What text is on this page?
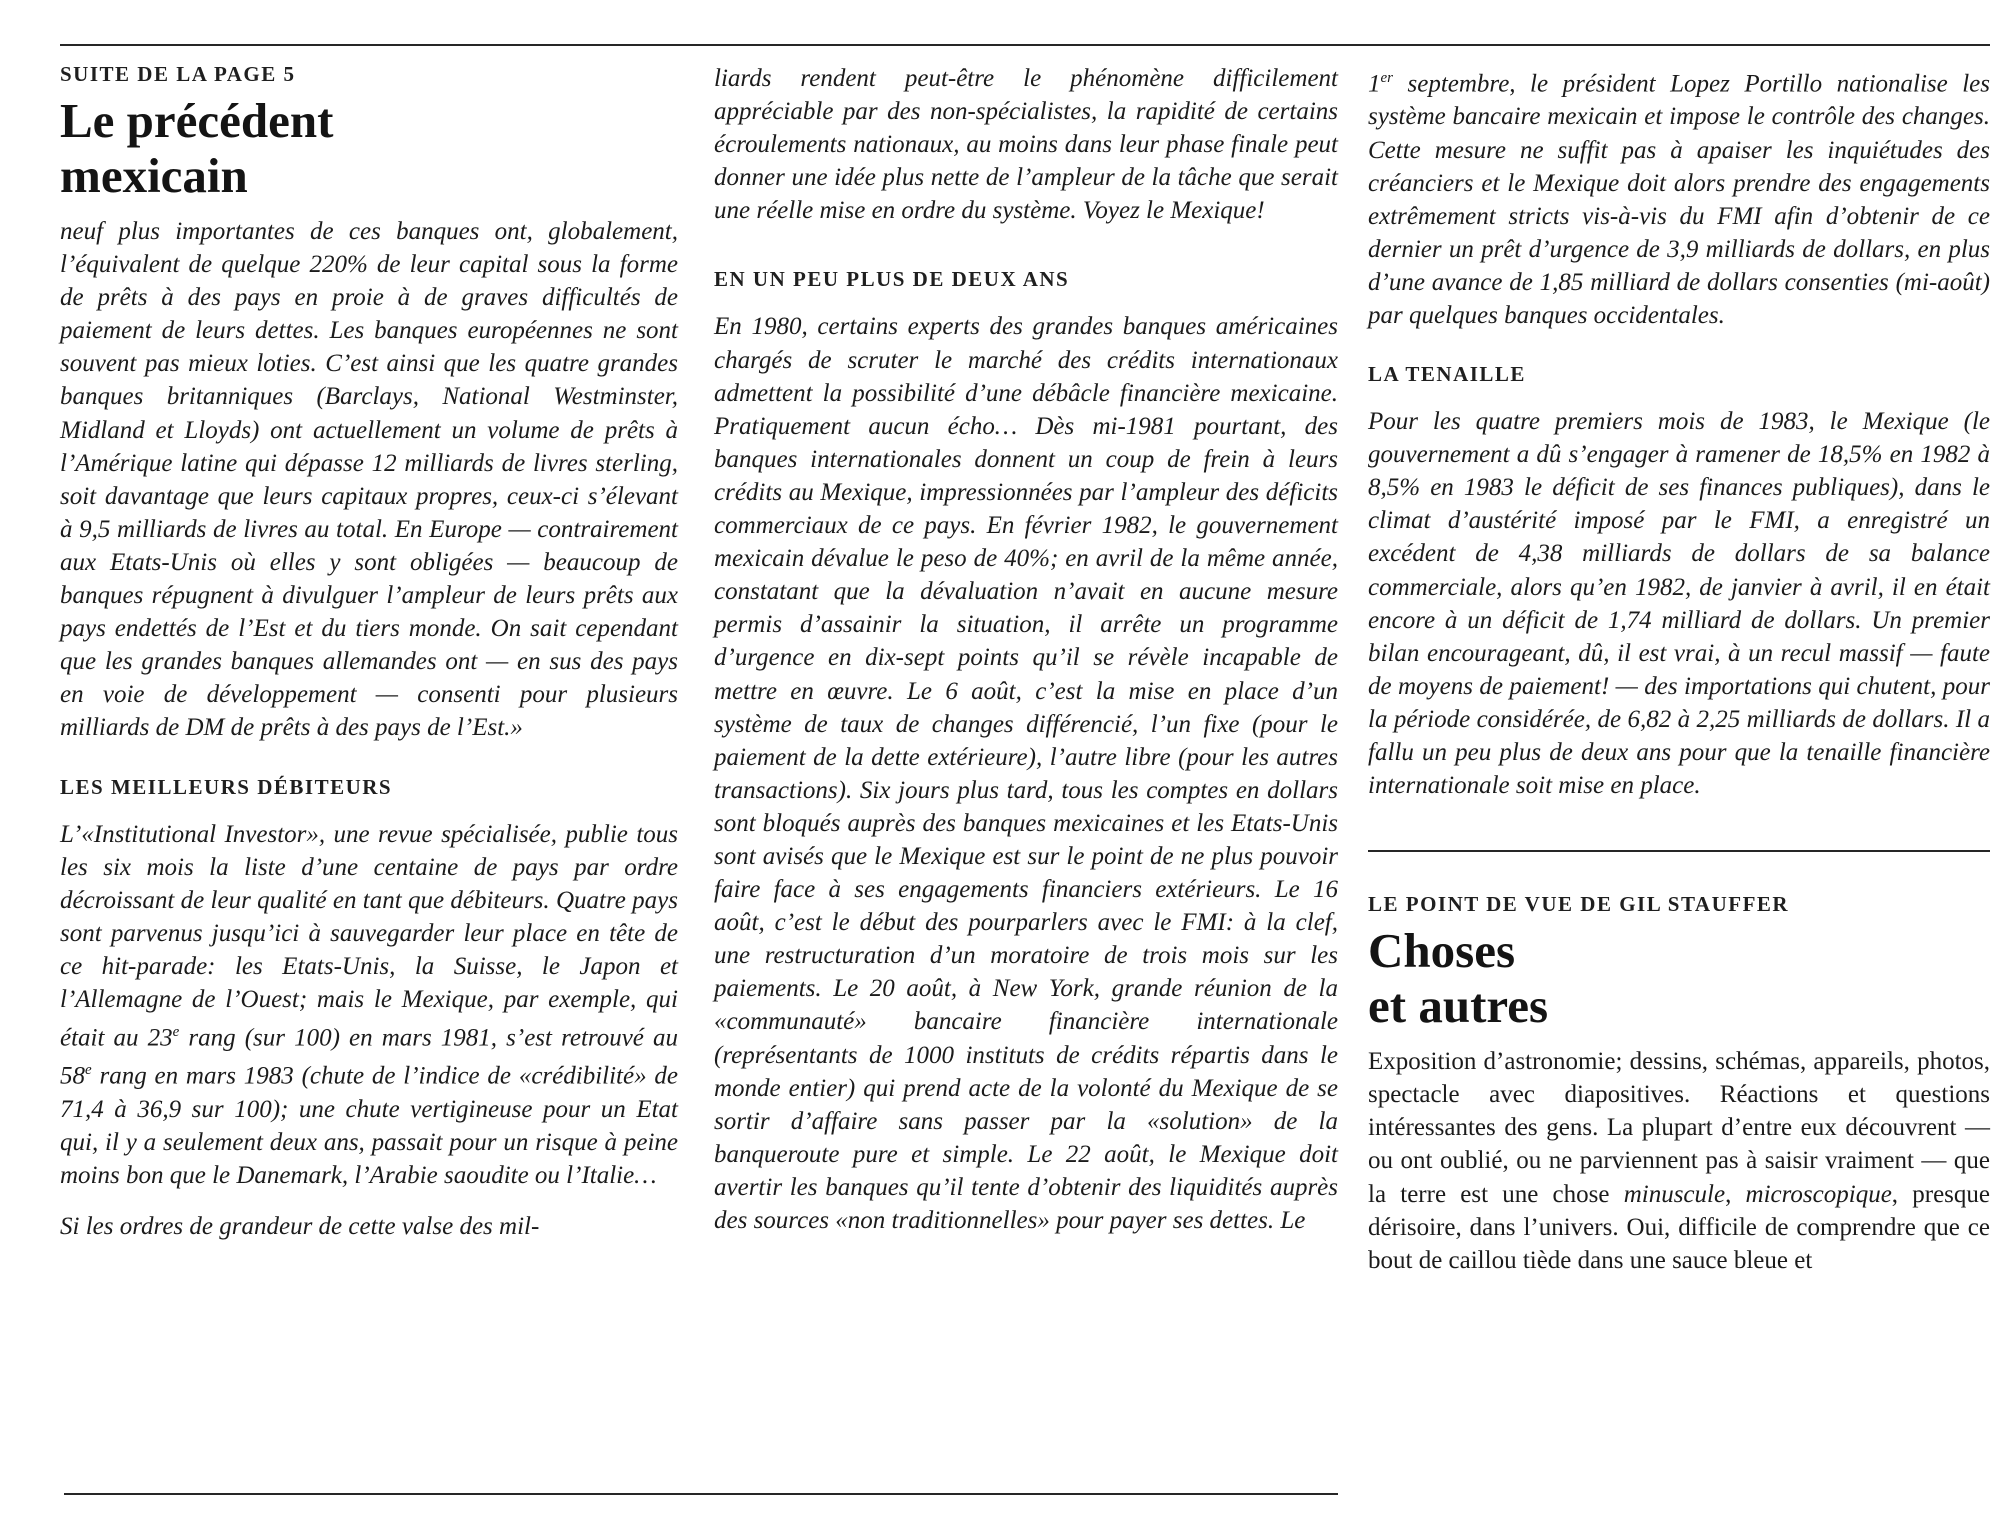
SUITE DE LA PAGE 5
Le précédent
mexicain

neuf plus importantes de ces banques ont, globalement, l’équivalent de quelque 220% de leur capital sous la forme de prêts à des pays en proie à de graves difficultés de paiement de leurs dettes. Les banques européennes ne sont souvent pas mieux loties. C’est ainsi que les quatre grandes banques britanniques (Barclays, National Westminster, Midland et Lloyds) ont actuellement un volume de prêts à l’Amérique latine qui dépasse 12 milliards de livres sterling, soit davantage que leurs capitaux propres, ceux-ci s’élevant à 9,5 milliards de livres au total. En Europe — contrairement aux Etats-Unis où elles y sont obligées — beaucoup de banques répugnent à divulguer l’ampleur de leurs prêts aux pays endettés de l’Est et du tiers monde. On sait cependant que les grandes banques allemandes ont — en sus des pays en voie de développement — consenti pour plusieurs milliards de DM de prêts à des pays de l’Est.»

LES MEILLEURS DÉBITEURS

L’«Institutional Investor», une revue spécialisée, publie tous les six mois la liste d’une centaine de pays par ordre décroissant de leur qualité en tant que débiteurs. Quatre pays sont parvenus jusqu’ici à sauvegarder leur place en tête de ce hit-parade: les Etats-Unis, la Suisse, le Japon et l’Allemagne de l’Ouest; mais le Mexique, par exemple, qui était au 23e rang (sur 100) en mars 1981, s’est retrouvé au 58e rang en mars 1983 (chute de l’indice de «crédibilité» de 71,4 à 36,9 sur 100); une chute vertigineuse pour un Etat qui, il y a seulement deux ans, passait pour un risque à peine moins bon que le Danemark, l’Arabie saoudite ou l’Italie…

Si les ordres de grandeur de cette valse des mil-

liards rendent peut-être le phénomène difficilement appréciable par des non-spécialistes, la rapidité de certains écroulements nationaux, au moins dans leur phase finale peut donner une idée plus nette de l’ampleur de la tâche que serait une réelle mise en ordre du système. Voyez le Mexique!

EN UN PEU PLUS DE DEUX ANS

En 1980, certains experts des grandes banques américaines chargés de scruter le marché des crédits internationaux admettent la possibilité d’une débâcle financière mexicaine. Pratiquement aucun écho… Dès mi-1981 pourtant, des banques internationales donnent un coup de frein à leurs crédits au Mexique, impressionnées par l’ampleur des déficits commerciaux de ce pays. En février 1982, le gouvernement mexicain dévalue le peso de 40%; en avril de la même année, constatant que la dévaluation n’avait en aucune mesure permis d’assainir la situation, il arrête un programme d’urgence en dix-sept points qu’il se révèle incapable de mettre en œuvre. Le 6 août, c’est la mise en place d’un système de taux de changes différencié, l’un fixe (pour le paiement de la dette extérieure), l’autre libre (pour les autres transactions). Six jours plus tard, tous les comptes en dollars sont bloqués auprès des banques mexicaines et les Etats-Unis sont avisés que le Mexique est sur le point de ne plus pouvoir faire face à ses engagements financiers extérieurs. Le 16 août, c’est le début des pourparlers avec le FMI: à la clef, une restructuration d’un moratoire de trois mois sur les paiements. Le 20 août, à New York, grande réunion de la «communauté» bancaire financière internationale (représentants de 1000 instituts de crédits répartis dans le monde entier) qui prend acte de la volonté du Mexique de se sortir d’affaire sans passer par la «solution» de la banqueroute pure et simple. Le 22 août, le Mexique doit avertir les banques qu’il tente d’obtenir des liquidités auprès des sources «non traditionnelles» pour payer ses dettes. Le

1er septembre, le président Lopez Portillo nationalise les système bancaire mexicain et impose le contrôle des changes. Cette mesure ne suffit pas à apaiser les inquiétudes des créanciers et le Mexique doit alors prendre des engagements extrêmement stricts vis-à-vis du FMI afin d’obtenir de ce dernier un prêt d’urgence de 3,9 milliards de dollars, en plus d’une avance de 1,85 milliard de dollars consenties (mi-août) par quelques banques occidentales.

LA TENAILLE

Pour les quatre premiers mois de 1983, le Mexique (le gouvernement a dû s’engager à ramener de 18,5% en 1982 à 8,5% en 1983 le déficit de ses finances publiques), dans le climat d’austérité imposé par le FMI, a enregistré un excédent de 4,38 milliards de dollars de sa balance commerciale, alors qu’en 1982, de janvier à avril, il en était encore à un déficit de 1,74 milliard de dollars. Un premier bilan encourageant, dû, il est vrai, à un recul massif — faute de moyens de paiement! — des importations qui chutent, pour la période considérée, de 6,82 à 2,25 milliards de dollars. Il a fallu un peu plus de deux ans pour que la tenaille financière internationale soit mise en place.

LE POINT DE VUE DE GIL STAUFFER
Choses
et autres

Exposition d’astronomie; dessins, schémas, appareils, photos, spectacle avec diapositives. Réactions et questions intéressantes des gens. La plupart d’entre eux découvrent — ou ont oublié, ou ne parviennent pas à saisir vraiment — que la terre est une chose minuscule, microscopique, presque dérisoire, dans l’univers. Oui, difficile de comprendre que ce bout de caillou tiède dans une sauce bleue et
